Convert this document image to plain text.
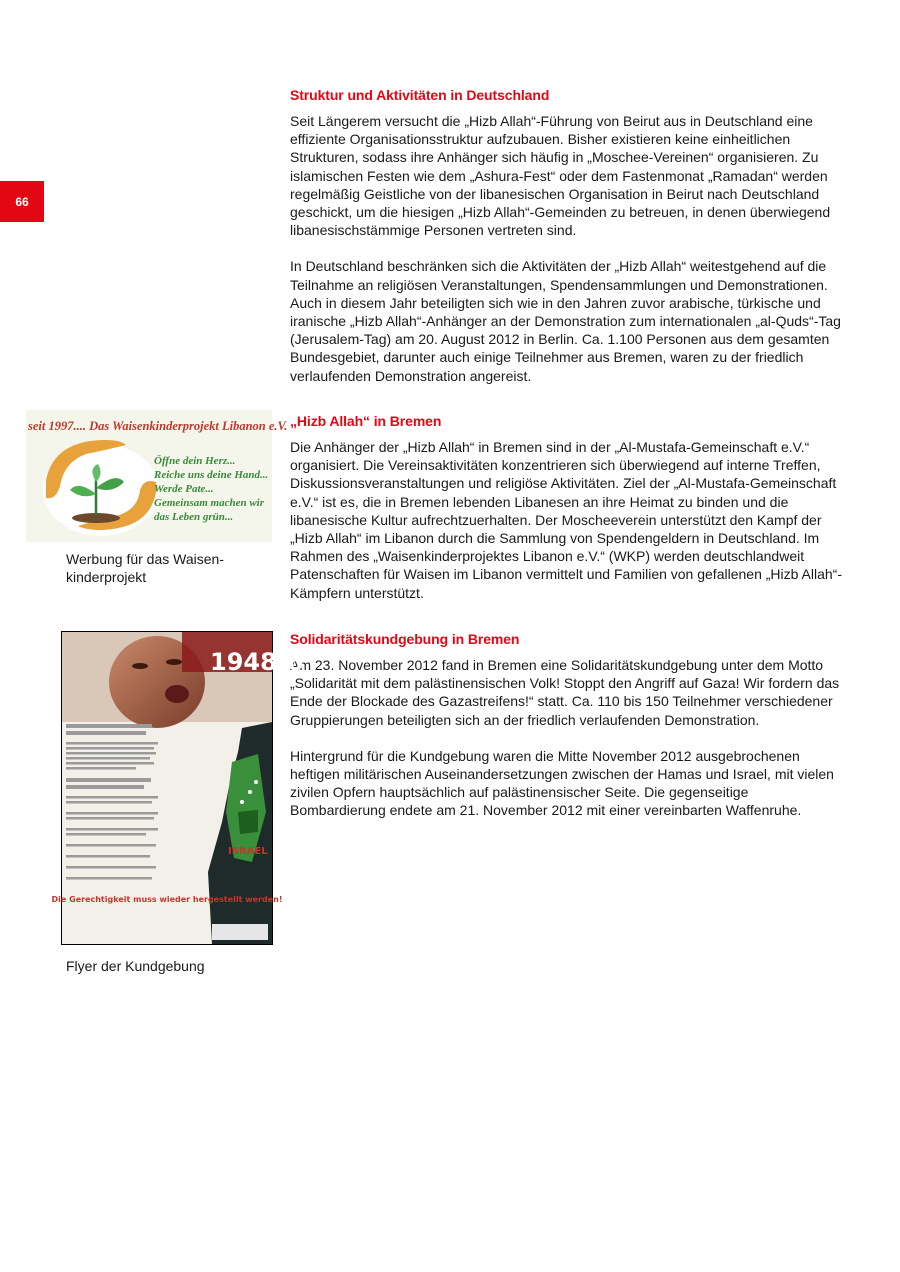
66
Struktur und Aktivitäten in Deutschland

Seit Längerem versucht die „Hizb Allah“-Führung von Beirut aus in Deutschland eine effiziente Organisationsstruktur aufzubauen. Bisher existieren keine einheitlichen Strukturen, sodass ihre Anhänger sich häufig in „Moschee-Vereinen“ organisieren. Zu islamischen Festen wie dem „Ashura-Fest“ oder dem Fastenmonat „Ramadan“ werden regelmäßig Geistliche von der libanesischen Organisation in Beirut nach Deutschland geschickt, um die hiesigen „Hizb Allah“-Gemeinden zu betreuen, in denen überwiegend libanesischstämmige Personen vertreten sind.

In Deutschland beschränken sich die Aktivitäten der „Hizb Allah“ weitestgehend auf die Teilnahme an religiösen Veranstaltungen, Spendensammlungen und Demonstrationen. Auch in diesem Jahr beteiligten sich wie in den Jahren zuvor arabische, türkische und iranische „Hizb Allah“-Anhänger an der Demonstration zum internationalen „al-Quds“-Tag (Jerusalem-Tag) am 20. August 2012 in Berlin. Ca. 1.100 Personen aus dem gesamten Bundesgebiet, darunter auch einige Teilnehmer aus Bremen, waren zu der friedlich verlaufenden Demonstration angereist.

„Hizb Allah“ in Bremen

Die Anhänger der „Hizb Allah“ in Bremen sind in der „Al-Mustafa-Gemeinschaft e.V.“ organisiert. Die Vereinsaktivitäten konzentrieren sich überwiegend auf interne Treffen, Diskussionsveranstaltungen und religiöse Aktivitäten. Ziel der „Al-Mustafa-Gemeinschaft e.V.“ ist es, die in Bremen lebenden Libanesen an ihre Heimat zu binden und die libanesische Kultur aufrechtzuerhalten. Der Moscheeverein unterstützt den Kampf der „Hizb Allah“ im Libanon durch die Sammlung von Spendengeldern in Deutschland. Im Rahmen des „Waisenkinderprojektes Libanon e.V.“ (WKP) werden deutschlandweit Patenschaften für Waisen im Libanon vermittelt und Familien von gefallenen „Hizb Allah“-Kämpfern unterstützt.

Solidaritätskundgebung in Bremen

Am 23. November 2012 fand in Bremen eine Solidaritätskundgebung unter dem Motto „Solidarität mit dem palästinensischen Volk! Stoppt den Angriff auf Gaza! Wir fordern das Ende der Blockade des Gazastreifens!“ statt. Ca. 110 bis 150 Teilnehmer verschiedener Gruppierungen beteiligten sich an der friedlich verlaufenden Demonstration.

Hintergrund für die Kundgebung waren die Mitte November 2012 ausgebrochenen heftigen militärischen Auseinandersetzungen zwischen der Hamas und Israel, mit vielen zivilen Opfern hauptsächlich auf palästinensischer Seite. Die gegenseitige Bombardierung endete am 21. November 2012 mit einer vereinbarten Waffenruhe.

seit 1997.... Das Waisenkinderprojekt Libanon e.V.
Öffne dein Herz...
Reiche uns deine Hand...
Werde Pate...
Gemeinsam machen wir
das Leben grün...
Werbung für das Waisen-kinderprojekt
1948-6
ISRAEL
Die Gerechtigkeit muss wieder hergestellt werden!
Flyer der Kundgebung
